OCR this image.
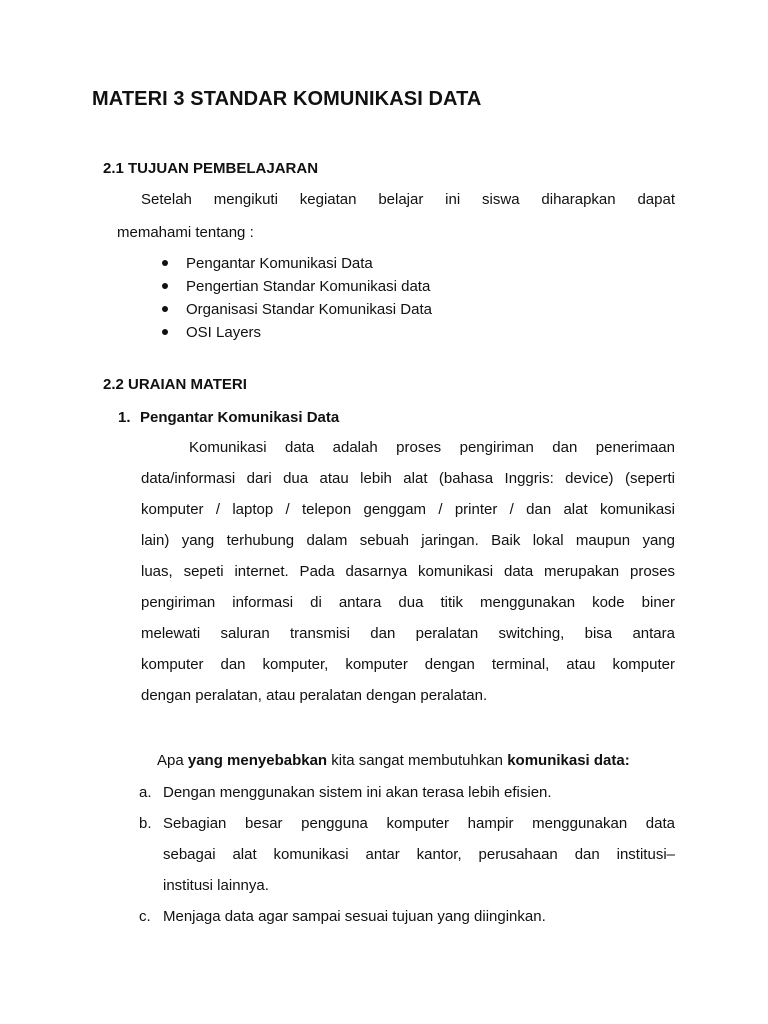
MATERI 3 STANDAR KOMUNIKASI DATA
2.1 TUJUAN PEMBELAJARAN
Setelah mengikuti kegiatan belajar ini siswa diharapkan dapat
memahami tentang :
Pengantar Komunikasi Data
Pengertian Standar Komunikasi data
Organisasi Standar Komunikasi Data
OSI Layers
2.2 URAIAN MATERI
1. Pengantar Komunikasi Data
Komunikasi data adalah proses pengiriman dan penerimaan
data/informasi dari dua atau lebih alat (bahasa Inggris: device) (seperti
komputer / laptop / telepon genggam / printer / dan alat komunikasi
lain) yang terhubung dalam sebuah jaringan. Baik lokal maupun yang
luas, sepeti internet. Pada dasarnya komunikasi data merupakan proses
pengiriman informasi di antara dua titik menggunakan kode biner
melewati saluran transmisi dan peralatan switching, bisa antara
komputer dan komputer, komputer dengan terminal, atau komputer
dengan peralatan, atau peralatan dengan peralatan.
Apa yang menyebabkan kita sangat membutuhkan komunikasi data:
a. Dengan menggunakan sistem ini akan terasa lebih efisien.
b. Sebagian besar pengguna komputer hampir menggunakan data
sebagai alat komunikasi antar kantor, perusahaan dan institusi–
institusi lainnya.
c. Menjaga data agar sampai sesuai tujuan yang diinginkan.
